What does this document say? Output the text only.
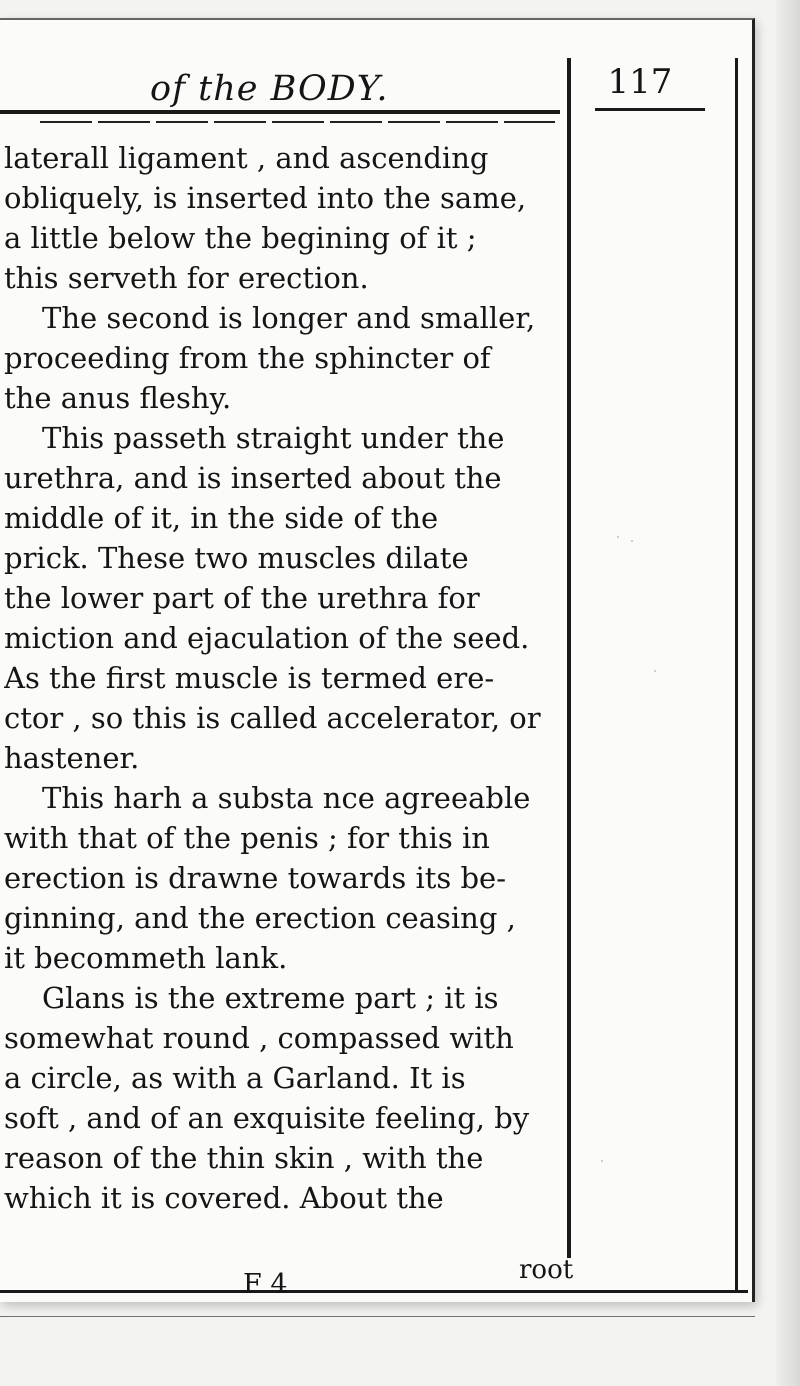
of the BODY.	117
laterall ligament , and ascending
obliquely, is inserted into the same,
a little below the begining of it ;
this serveth for erection.
The second is longer and smaller,
proceeding from the sphincter of
the anus fleshy.
This passeth straight under the
urethra, and is inserted about the
middle of it, in the side of the
prick. These two muscles dilate
the lower part of the urethra for
miction and ejaculation of the seed.
As the first muscle is termed ere-
ctor , so this is called accelerator, or
hastener.
This harh a substa nce agreeable
with that of the penis ; for this in
erection is drawne towards its be-
ginning, and the erection ceasing ,
it becommeth lank.
Glans is the extreme part ; it is
somewhat round , compassed with
a circle, as with a Garland. It is
soft , and of an exquisite feeling, by
reason of the thin skin , with the
which it is covered. About the
F 4	root
